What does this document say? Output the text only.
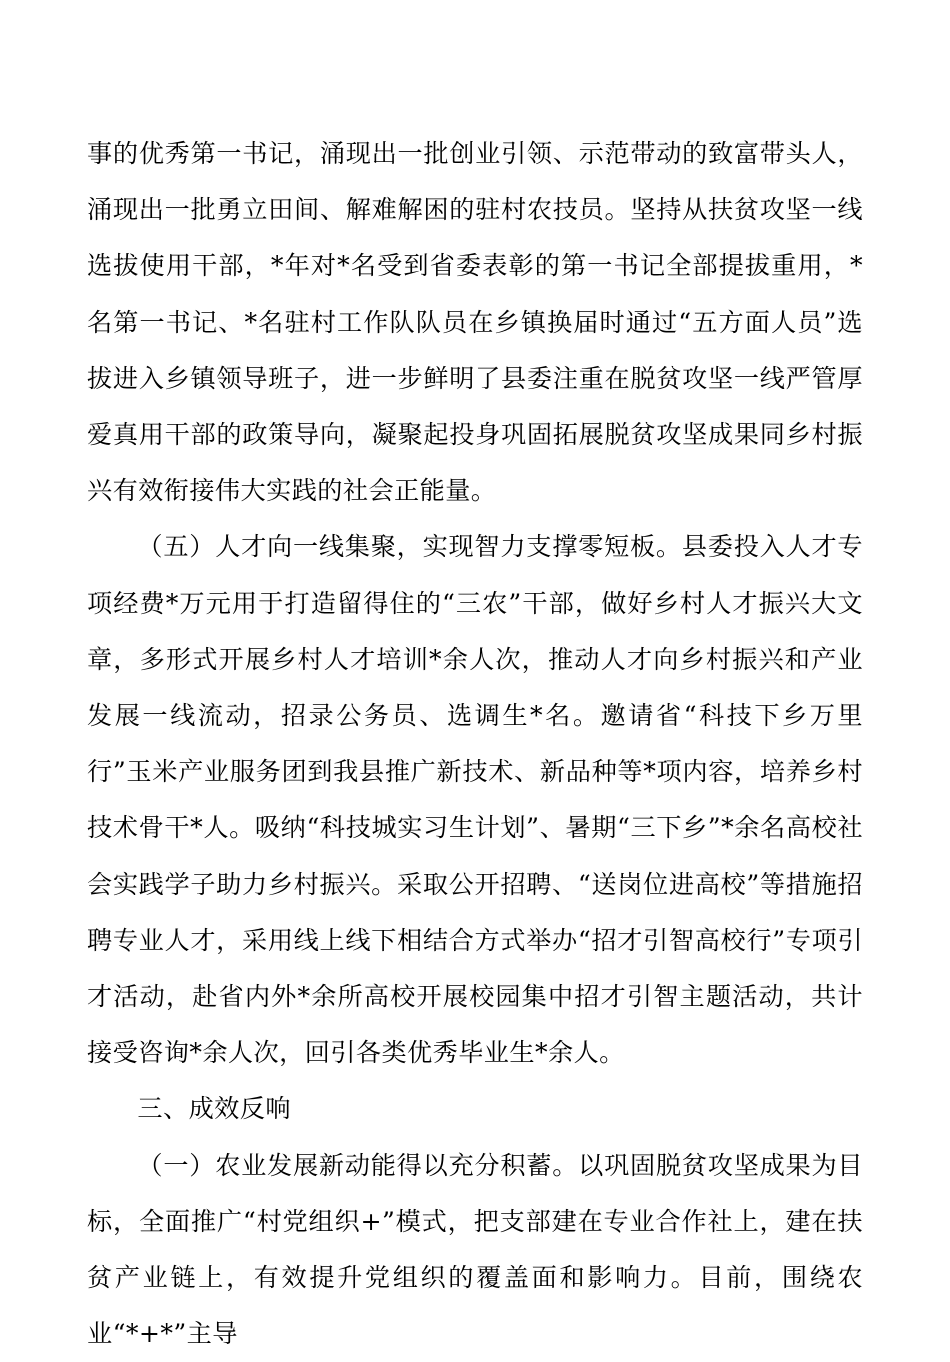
事的优秀第一书记，涌现出一批创业引领、示范带动的致富带头人，涌现出一批勇立田间、解难解困的驻村农技员。坚持从扶贫攻坚一线选拔使用干部，*年对*名受到省委表彰的第一书记全部提拔重用，*名第一书记、*名驻村工作队队员在乡镇换届时通过“五方面人员”选拔进入乡镇领导班子，进一步鲜明了县委注重在脱贫攻坚一线严管厚爱真用干部的政策导向，凝聚起投身巩固拓展脱贫攻坚成果同乡村振兴有效衔接伟大实践的社会正能量。

（五）人才向一线集聚，实现智力支撑零短板。县委投入人才专项经费*万元用于打造留得住的“三农”干部，做好乡村人才振兴大文章，多形式开展乡村人才培训*余人次，推动人才向乡村振兴和产业发展一线流动，招录公务员、选调生*名。邀请省“科技下乡万里行”玉米产业服务团到我县推广新技术、新品种等*项内容，培养乡村技术骨干*人。吸纳“科技城实习生计划”、暑期“三下乡”*余名高校社会实践学子助力乡村振兴。采取公开招聘、“送岗位进高校”等措施招聘专业人才，采用线上线下相结合方式举办“招才引智高校行”专项引才活动，赴省内外*余所高校开展校园集中招才引智主题活动，共计接受咨询*余人次，回引各类优秀毕业生*余人。

三、成效反响

（一）农业发展新动能得以充分积蓄。以巩固脱贫攻坚成果为目标，全面推广“村党组织+”模式，把支部建在专业合作社上，建在扶贫产业链上，有效提升党组织的覆盖面和影响力。目前，围绕农业“*+*”主导
